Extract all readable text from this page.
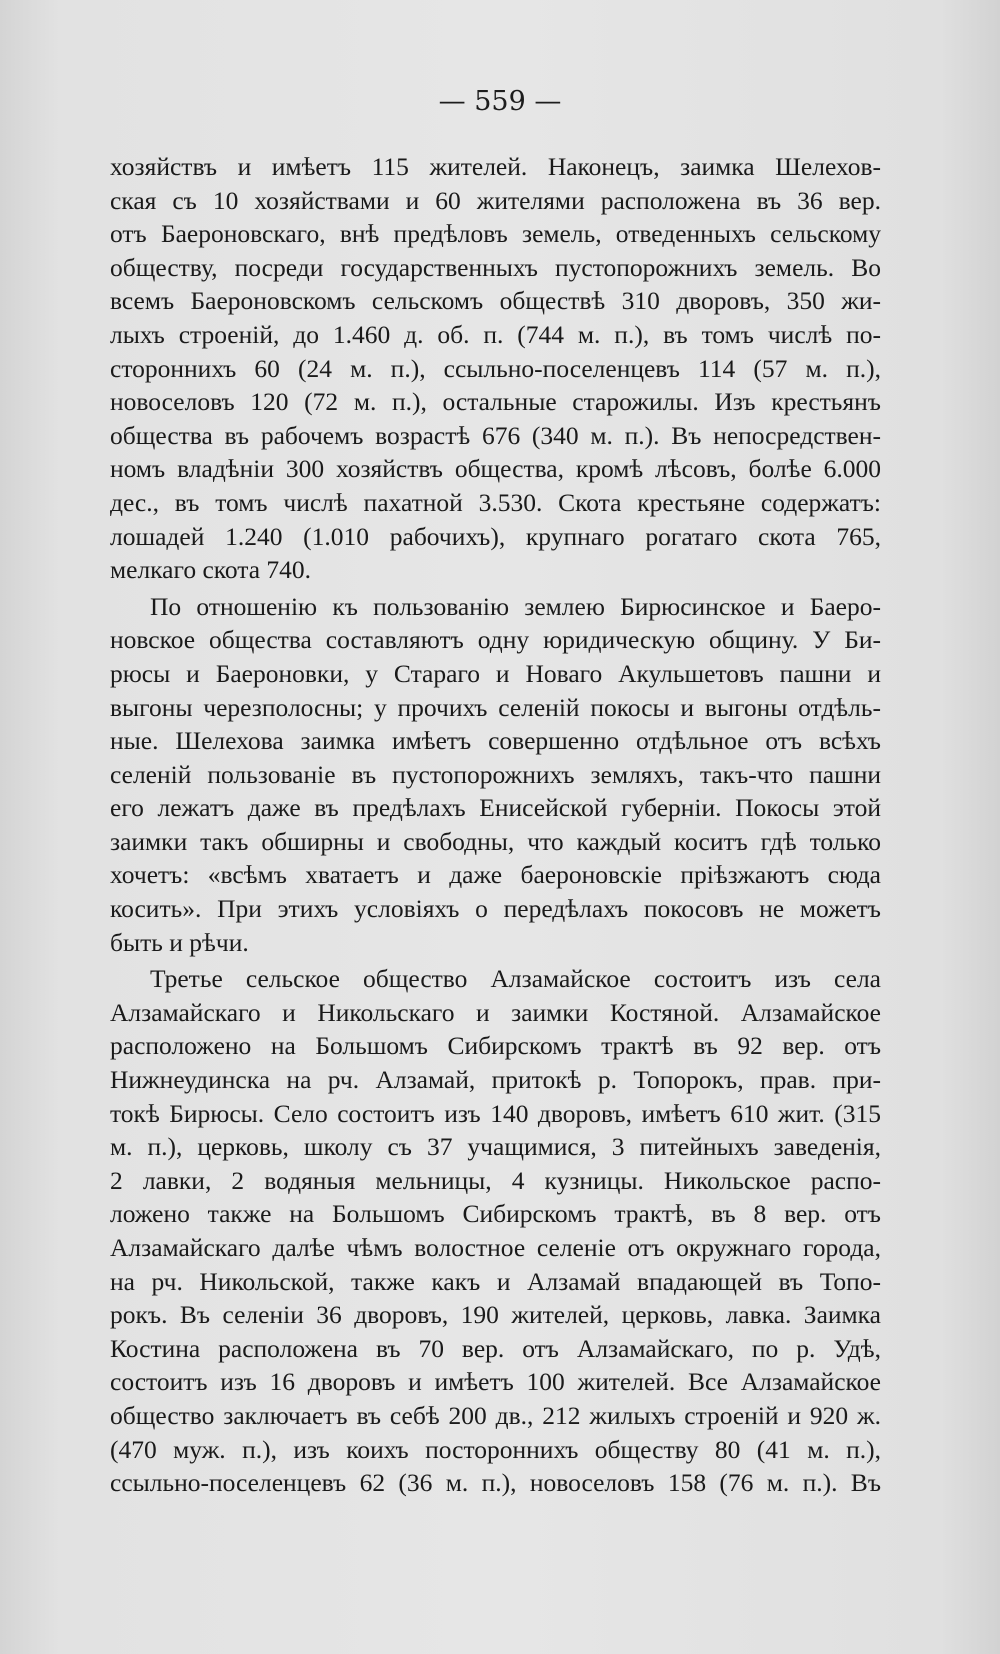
— 559 —
хозяйствъ и имѣетъ 115 жителей. Наконецъ, заимка Шелехов-
ская съ 10 хозяйствами и 60 жителями расположена въ 36 вер.
отъ Баероновскаго, внѣ предѣловъ земель, отведенныхъ сельскому
обществу, посреди государственныхъ пустопорожнихъ земель. Во
всемъ Баероновскомъ сельскомъ обществѣ 310 дворовъ, 350 жи-
лыхъ строеній, до 1.460 д. об. п. (744 м. п.), въ томъ числѣ по-
стороннихъ 60 (24 м. п.), ссыльно-поселенцевъ 114 (57 м. п.),
новоселовъ 120 (72 м. п.), остальные старожилы. Изъ крестьянъ
общества въ рабочемъ возрастѣ 676 (340 м. п.). Въ непосредствен-
номъ владѣніи 300 хозяйствъ общества, кромѣ лѣсовъ, болѣе 6.000
дес., въ томъ числѣ пахатной 3.530. Скота крестьяне содержатъ:
лошадей 1.240 (1.010 рабочихъ), крупнаго рогатаго скота 765,
мелкаго скота 740.
По отношенію къ пользованію землею Бирюсинское и Баеро-
новское общества составляютъ одну юридическую общину. У Би-
рюсы и Баероновки, у Стараго и Новаго Акульшетовъ пашни и
выгоны черезполосны; у прочихъ селеній покосы и выгоны отдѣль-
ные. Шелехова заимка имѣетъ совершенно отдѣльное отъ всѣхъ
селеній пользованіе въ пустопорожнихъ земляхъ, такъ-что пашни
его лежатъ даже въ предѣлахъ Енисейской губерніи. Покосы этой
заимки такъ обширны и свободны, что каждый коситъ гдѣ только
хочетъ: «всѣмъ хватаетъ и даже баероновскіе пріѣзжаютъ сюда
косить». При этихъ условіяхъ о передѣлахъ покосовъ не можетъ
быть и рѣчи.
Третье сельское общество Алзамайское состоитъ изъ села
Алзамайскаго и Никольскаго и заимки Костяной. Алзамайское
расположено на Большомъ Сибирскомъ трактѣ въ 92 вер. отъ
Нижнеудинска на рч. Алзамай, притокѣ р. Топорокъ, прав. при-
токѣ Бирюсы. Село состоитъ изъ 140 дворовъ, имѣетъ 610 жит. (315
м. п.), церковь, школу съ 37 учащимися, 3 питейныхъ заведенія,
2 лавки, 2 водяныя мельницы, 4 кузницы. Никольское распо-
ложено также на Большомъ Сибирскомъ трактѣ, въ 8 вер. отъ
Алзамайскаго далѣе чѣмъ волостное селеніе отъ окружнаго города,
на рч. Никольской, также какъ и Алзамай впадающей въ Топо-
рокъ. Въ селеніи 36 дворовъ, 190 жителей, церковь, лавка. Заимка
Костина расположена въ 70 вер. отъ Алзамайскаго, по р. Удѣ,
состоитъ изъ 16 дворовъ и имѣетъ 100 жителей. Все Алзамайское
общество заключаетъ въ себѣ 200 дв., 212 жилыхъ строеній и 920 ж.
(470 муж. п.), изъ коихъ постороннихъ обществу 80 (41 м. п.),
ссыльно-поселенцевъ 62 (36 м. п.), новоселовъ 158 (76 м. п.). Въ
